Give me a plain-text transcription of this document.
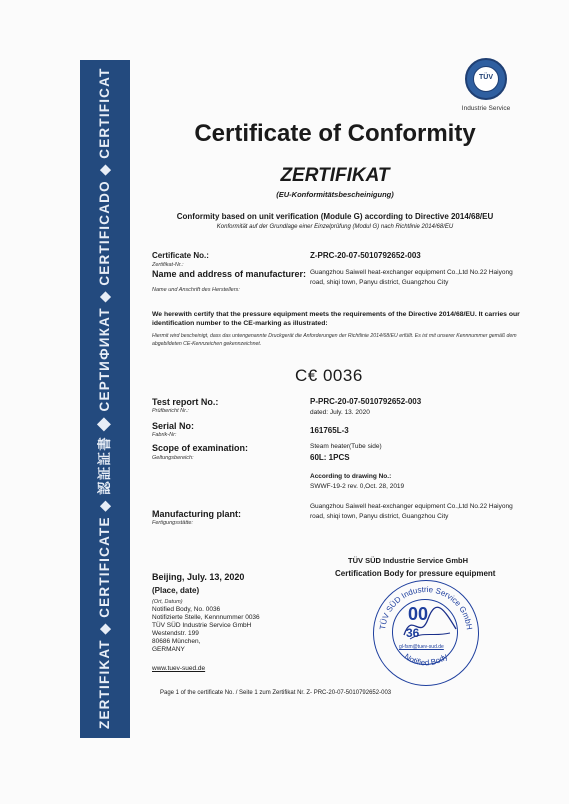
ZERTIFIKAT ◆ CERTIFICATE ◆ 認証証書 ◆ СЕРТИФИКАТ ◆ CERTIFICADO ◆ CERTIFICAT	TÜV
Industrie Service
Certificate of Conformity
ZERTIFIKAT
(EU-Konformitätsbescheinigung)
Conformity based on unit verification (Module G) according to Directive 2014/68/EU
Konformität auf der Grundlage einer Einzelprüfung (Modul G) nach Richtlinie 2014/68/EU
Certificate No.:
Zertifikat-Nr.:
Z-PRC-20-07-5010792652-003
Name and address of manufacturer:
Name und Anschrift des Herstellers:
Guangzhou Saiwell heat-exchanger equipment Co.,Ltd No.22 Haiyong road, shiqi town, Panyu district, Guangzhou City
We herewith certify that the pressure equipment meets the requirements of the Directive 2014/68/EU. It carries our identification number to the CE-marking as illustrated:
Hiermit wird bescheinigt, dass das untengenannte Druckgerät die Anforderungen der Richtlinie 2014/68/EU erfüllt. Es ist mit unserer Kennnummer gemäß dem abgebildeten CE-Kennzeichen gekennzeichnet.
C€ 0036
Test report No.:
Prüfbericht Nr.:
P-PRC-20-07-5010792652-003
dated: July. 13. 2020
Serial No:
Fabrik-Nr:	161765L-3
Scope of examination:
Geltungsbereich:
Steam heater(Tube side)
60L: 1PCS
According to drawing No.:
SWWF-19-2 rev. 0,Oct. 28, 2019
Manufacturing plant:
Fertigungsstätte:
Guangzhou Saiwell heat-exchanger equipment Co.,Ltd No.22 Haiyong road, shiqi town, Panyu district, Guangzhou City
TÜV SÜD Industrie Service GmbH
Certification Body for pressure equipment
TÜV SÜD Industrie Service GmbH
Notified Body
00
36
gl-fsm@tuev-sud.de
Beijing, July. 13, 2020
(Place, date)
(Ort, Datum)
Notified Body, No. 0036
Notifizierte Stelle, Kennnummer 0036
TÜV SÜD Industrie Service GmbH
Westendstr. 199
80686 München,
GERMANY
www.tuev-sued.de
Page 1 of the certificate No. / Seite 1 zum Zertifikat Nr. Z- PRC-20-07-5010792652-003
